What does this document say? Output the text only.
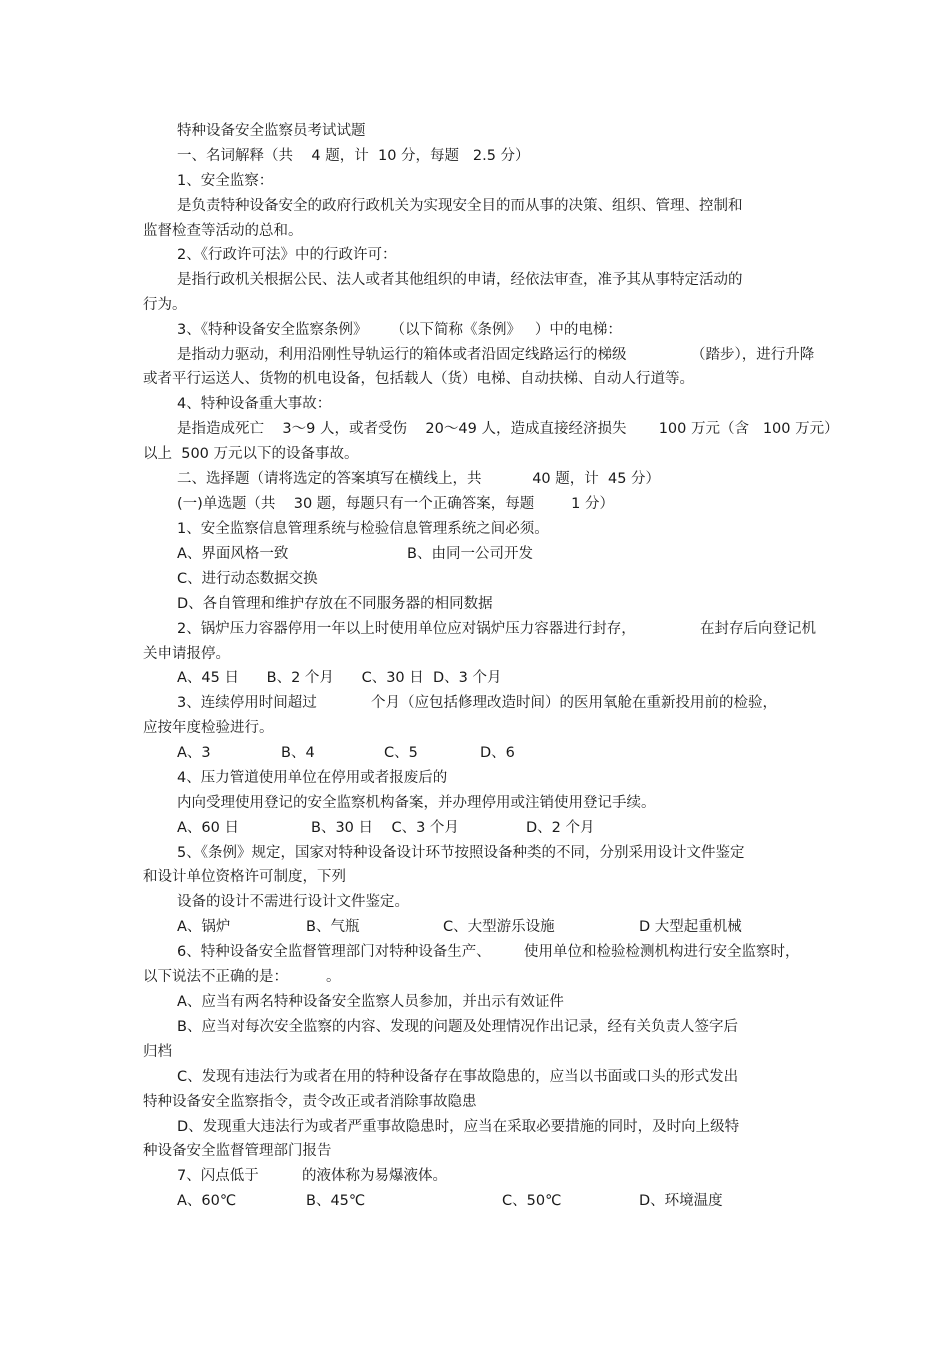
特种设备安全监察员考试试题
一、名词解释（共    4 题，计  10 分，每题   2.5 分）
1、安全监察：
是负责特种设备安全的政府行政机关为实现安全目的而从事的决策、组织、管理、控制和
监督检查等活动的总和。
2、《行政许可法》中的行政许可：
是指行政机关根据公民、法人或者其他组织的申请，经依法审查，准予其从事特定活动的
行为。
3、《特种设备安全监察条例》     （以下简称《条例》   ）中的电梯：
是指动力驱动，利用沿刚性导轨运行的箱体或者沿固定线路运行的梯级              （踏步），进行升降
或者平行运送人、货物的机电设备，包括载人（货）电梯、自动扶梯、自动人行道等。
4、特种设备重大事故：
是指造成死亡    3～9 人，或者受伤    20～49 人，造成直接经济损失       100 万元（含   100 万元）
以上  500 万元以下的设备事故。
二、选择题（请将选定的答案填写在横线上，共           40 题，计  45 分）
(一)单选题（共    30 题，每题只有一个正确答案，每题        1 分）
1、安全监察信息管理系统与检验信息管理系统之间必须。
A、界面风格一致	B、由同一公司开发
C、进行动态数据交换
D、各自管理和维护存放在不同服务器的相同数据
2、锅炉压力容器停用一年以上时使用单位应对锅炉压力容器进行封存，	在封存后向登记机
关申请报停。
A、45 日      B、2 个月      C、30 日  D、3 个月
3、连续停用时间超过	个月（应包括修理改造时间）的医用氧舱在重新投用前的检验，
应按年度检验进行。
A、3	B、4	C、5	D、6
4、压力管道使用单位在停用或者报废后的
内向受理使用登记的安全监察机构备案，并办理停用或注销使用登记手续。
A、60 日	B、30 日    C、3 个月	D、2 个月
5、《条例》规定，国家对特种设备设计环节按照设备种类的不同，分别采用设计文件鉴定
和设计单位资格许可制度，下列
设备的设计不需进行设计文件鉴定。
A、锅炉	B、气瓶	C、大型游乐设施	D 大型起重机械
6、特种设备安全监督管理部门对特种设备生产、 使用单位和检验检测机构进行安全监察时，
以下说法不正确的是：	。
A、应当有两名特种设备安全监察人员参加，并出示有效证件
B、应当对每次安全监察的内容、发现的问题及处理情况作出记录，经有关负责人签字后
归档
C、发现有违法行为或者在用的特种设备存在事故隐患的，应当以书面或口头的形式发出
特种设备安全监察指令，责令改正或者消除事故隐患
D、发现重大违法行为或者严重事故隐患时，应当在采取必要措施的同时，及时向上级特
种设备安全监督管理部门报告
7、闪点低于	的液体称为易爆液体。
A、60℃	B、45℃	C、50℃	D、环境温度
